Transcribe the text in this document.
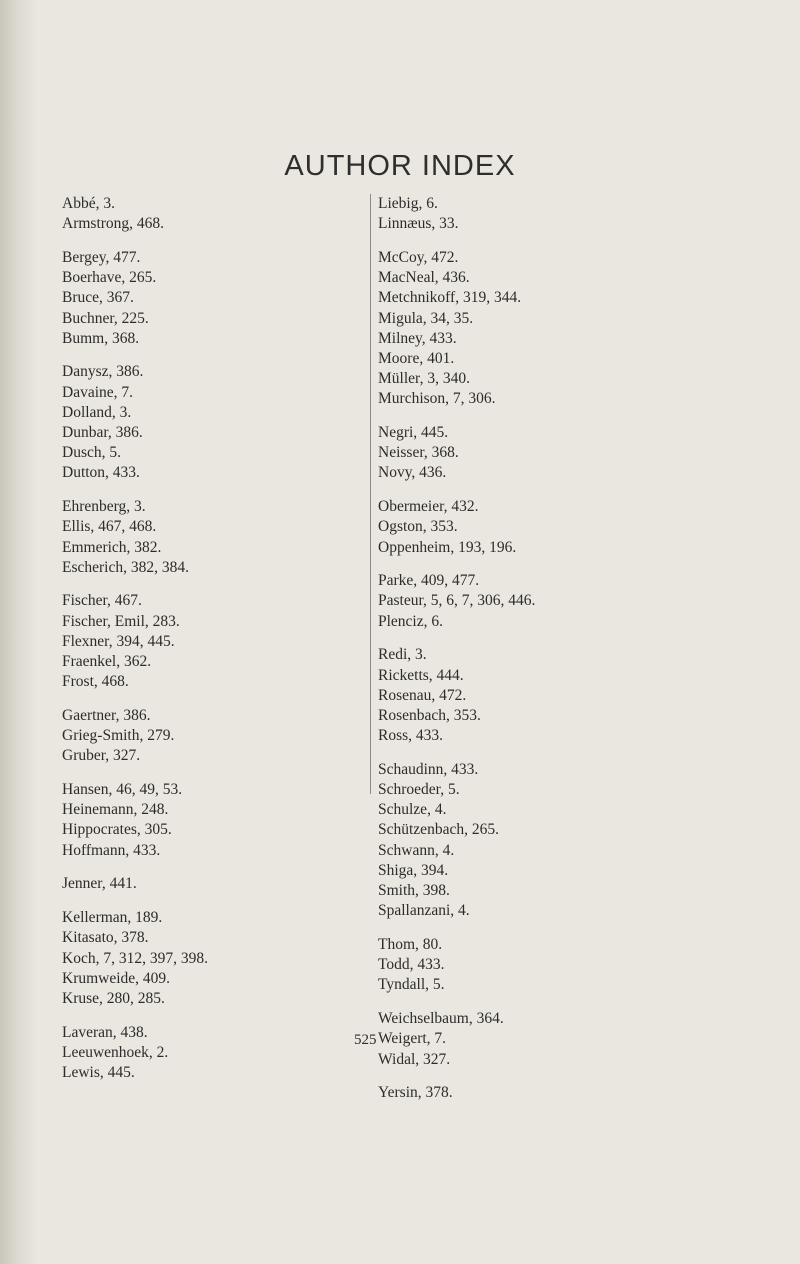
AUTHOR INDEX
Abbé, 3.
Armstrong, 468.
Bergey, 477.
Boerhave, 265.
Bruce, 367.
Buchner, 225.
Bumm, 368.
Danysz, 386.
Davaine, 7.
Dolland, 3.
Dunbar, 386.
Dusch, 5.
Dutton, 433.
Ehrenberg, 3.
Ellis, 467, 468.
Emmerich, 382.
Escherich, 382, 384.
Fischer, 467.
Fischer, Emil, 283.
Flexner, 394, 445.
Fraenkel, 362.
Frost, 468.
Gaertner, 386.
Grieg-Smith, 279.
Gruber, 327.
Hansen, 46, 49, 53.
Heinemann, 248.
Hippocrates, 305.
Hoffmann, 433.
Jenner, 441.
Kellerman, 189.
Kitasato, 378.
Koch, 7, 312, 397, 398.
Krumweide, 409.
Kruse, 280, 285.
Laveran, 438.
Leeuwenhoek, 2.
Lewis, 445.
Liebig, 6.
Linnæus, 33.
McCoy, 472.
MacNeal, 436.
Metchnikoff, 319, 344.
Migula, 34, 35.
Milney, 433.
Moore, 401.
Müller, 3, 340.
Murchison, 7, 306.
Negri, 445.
Neisser, 368.
Novy, 436.
Obermeier, 432.
Ogston, 353.
Oppenheim, 193, 196.
Parke, 409, 477.
Pasteur, 5, 6, 7, 306, 446.
Plenciz, 6.
Redi, 3.
Ricketts, 444.
Rosenau, 472.
Rosenbach, 353.
Ross, 433.
Schaudinn, 433.
Schroeder, 5.
Schulze, 4.
Schützenbach, 265.
Schwann, 4.
Shiga, 394.
Smith, 398.
Spallanzani, 4.
Thom, 80.
Todd, 433.
Tyndall, 5.
Weichselbaum, 364.
Weigert, 7.
Widal, 327.
Yersin, 378.
525
